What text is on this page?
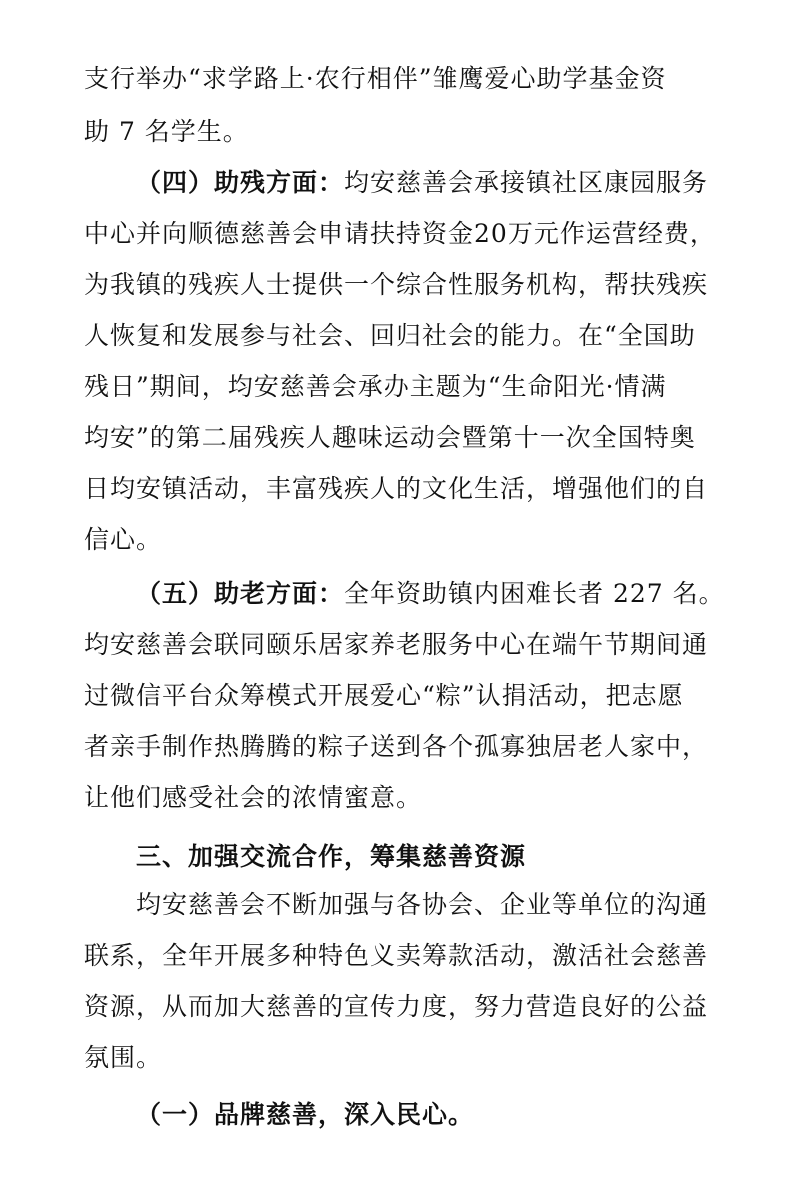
支行举办“求学路上·农行相伴”雏鹰爱心助学基金资
助 7 名学生。
（四）助残方面：均安慈善会承接镇社区康园服务
中心并向顺德慈善会申请扶持资金20万元作运营经费，
为我镇的残疾人士提供一个综合性服务机构，帮扶残疾
人恢复和发展参与社会、回归社会的能力。在“全国助
残日”期间，均安慈善会承办主题为“生命阳光·情满
均安”的第二届残疾人趣味运动会暨第十一次全国特奥
日均安镇活动，丰富残疾人的文化生活，增强他们的自
信心。
（五）助老方面：全年资助镇内困难长者 227 名。
均安慈善会联同颐乐居家养老服务中心在端午节期间通
过微信平台众筹模式开展爱心“粽”认捐活动，把志愿
者亲手制作热腾腾的粽子送到各个孤寡独居老人家中，
让他们感受社会的浓情蜜意。
三、加强交流合作，筹集慈善资源
均安慈善会不断加强与各协会、企业等单位的沟通
联系，全年开展多种特色义卖筹款活动，激活社会慈善
资源，从而加大慈善的宣传力度，努力营造良好的公益
氛围。
（一）品牌慈善，深入民心。
